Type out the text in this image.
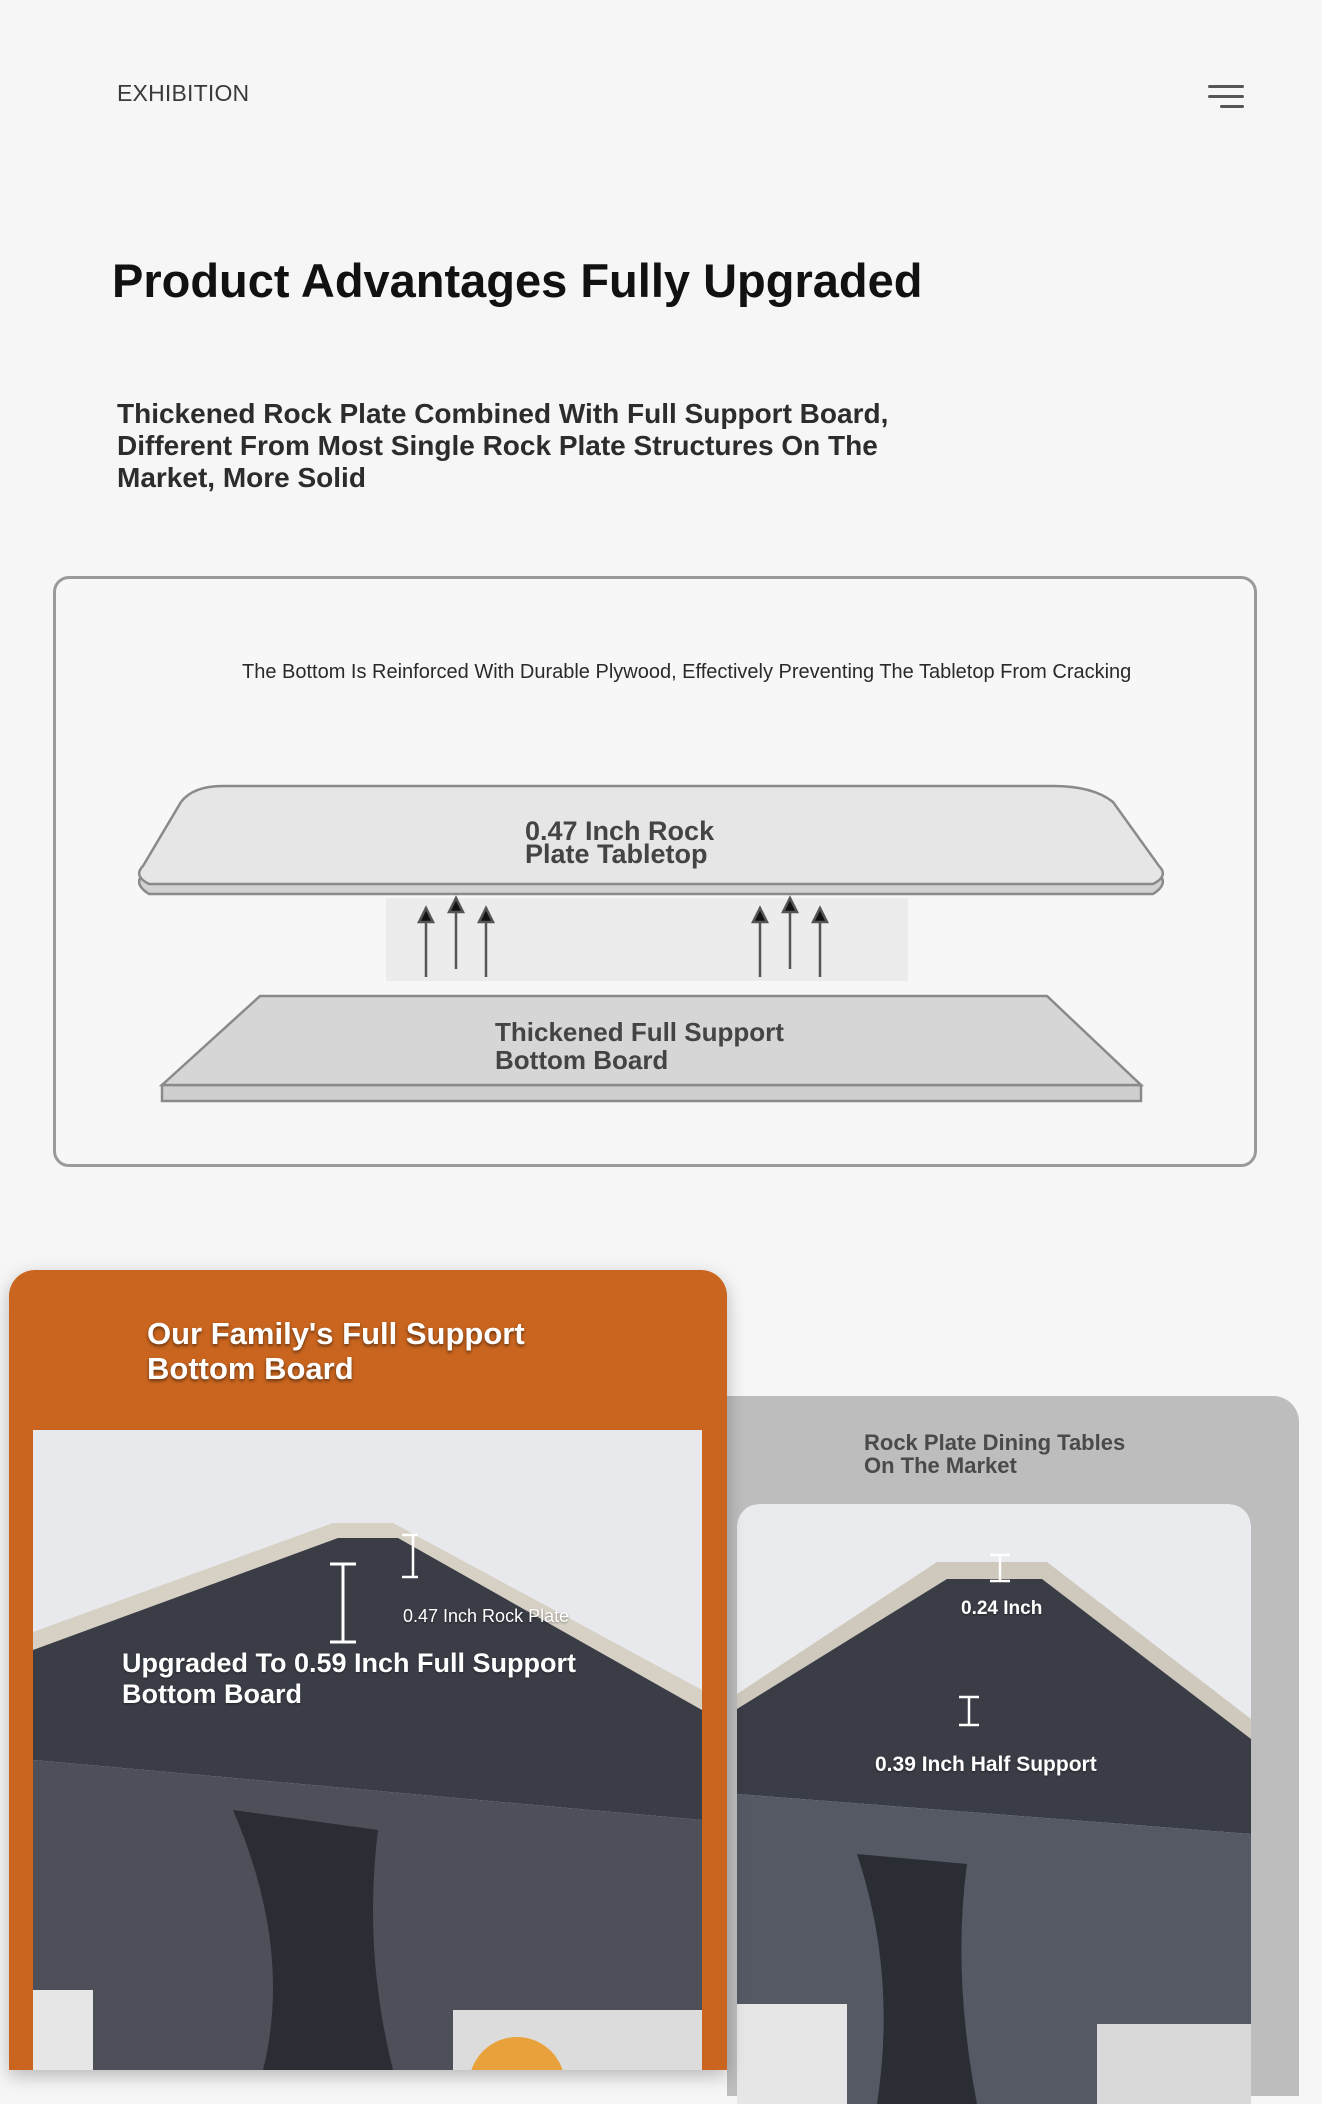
EXHIBITION
Product Advantages Fully Upgraded
Thickened Rock Plate Combined With Full Support Board, Different From Most Single Rock Plate Structures On The Market, More Solid
The Bottom Is Reinforced With Durable Plywood, Effectively Preventing The Tabletop From Cracking
0.47 Inch Rock
Plate Tabletop
Thickened Full Support
Bottom Board
Rock Plate Dining Tables
On The Market
0.24 Inch
0.39 Inch Half Support
Our Family's Full Support
Bottom Board
0.47 Inch Rock Plate
Upgraded To 0.59 Inch Full Support
Bottom Board
